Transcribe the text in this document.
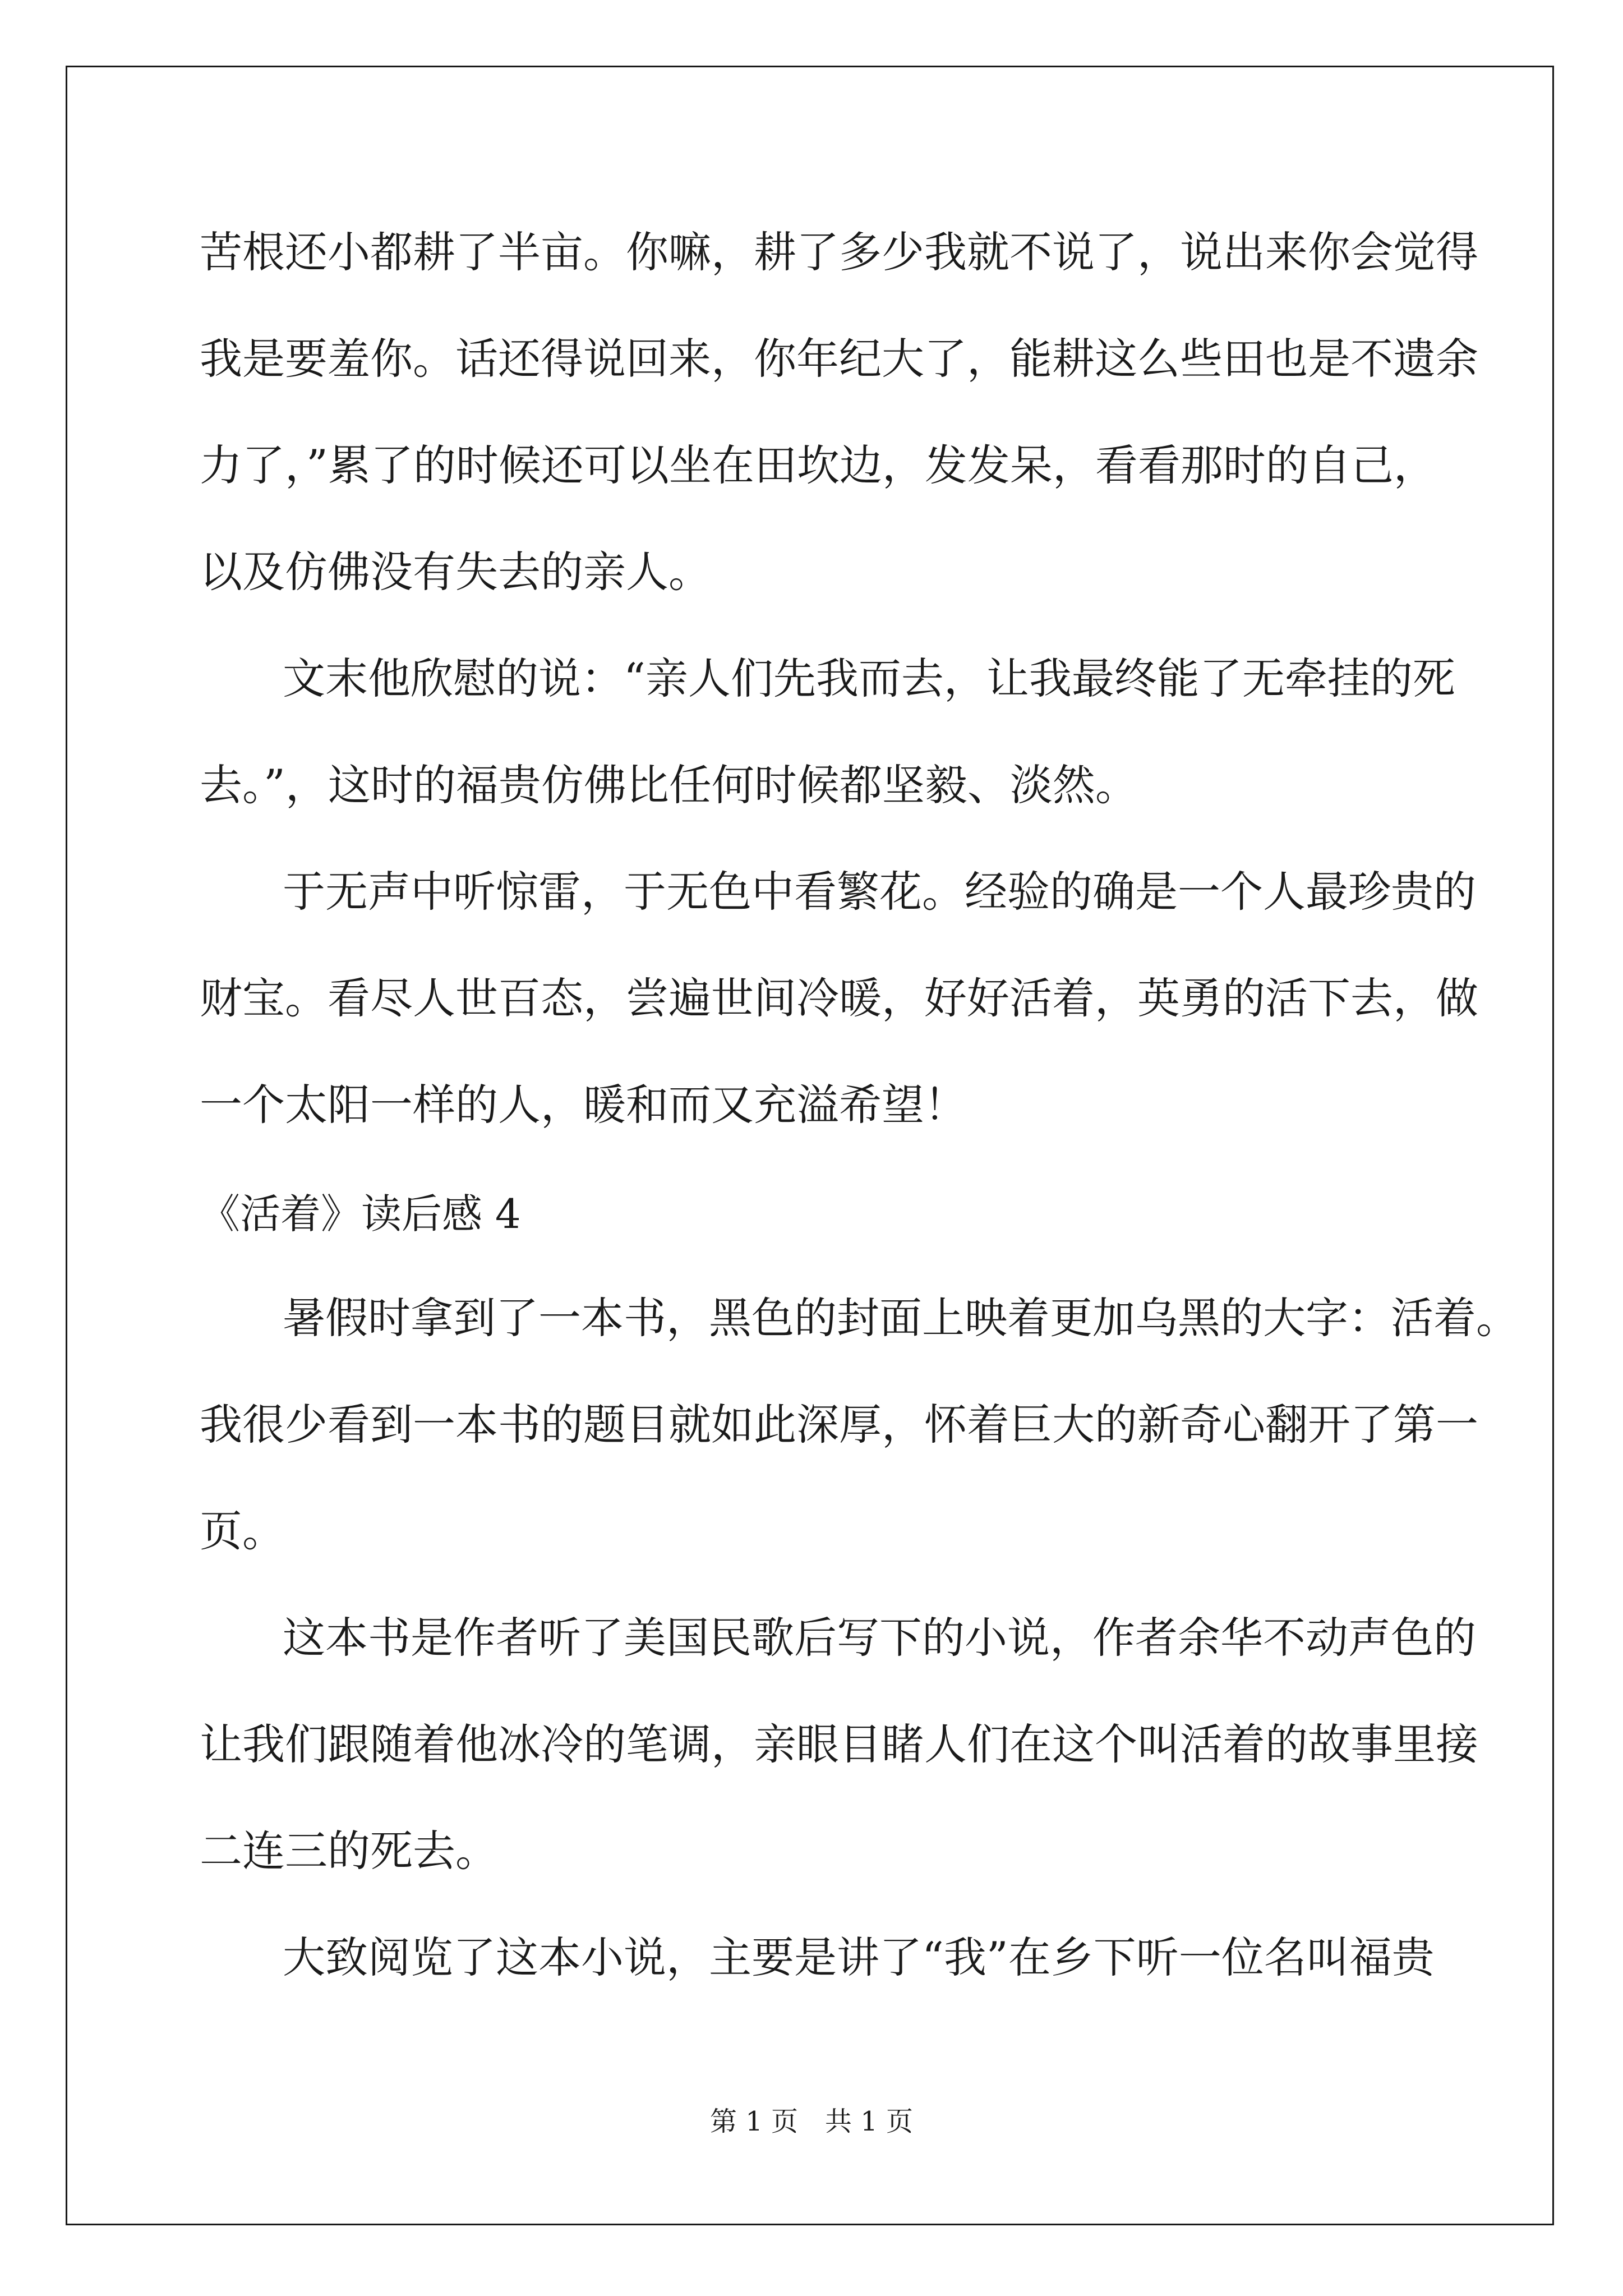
苦根还小都耕了半亩。你嘛，耕了多少我就不说了，说出来你会觉得
我是要羞你。话还得说回来，你年纪大了，能耕这么些田也是不遗余
力了，”累了的时候还可以坐在田坎边，发发呆，看看那时的自己，
以及仿佛没有失去的亲人。
文末他欣慰的说：“亲人们先我而去，让我最终能了无牵挂的死
去。”，这时的福贵仿佛比任何时候都坚毅、淡然。
于无声中听惊雷，于无色中看繁花。经验的确是一个人最珍贵的
财宝。看尽人世百态，尝遍世间冷暖，好好活着，英勇的活下去，做
一个太阳一样的人，暖和而又充溢希望！
《活着》读后感 4
暑假时拿到了一本书，黑色的封面上映着更加乌黑的大字：活着。
我很少看到一本书的题目就如此深厚，怀着巨大的新奇心翻开了第一
页。
这本书是作者听了美国民歌后写下的小说，作者余华不动声色的
让我们跟随着他冰冷的笔调，亲眼目睹人们在这个叫活着的故事里接
二连三的死去。
大致阅览了这本小说，主要是讲了“我”在乡下听一位名叫福贵
第 1 页　共 1 页
